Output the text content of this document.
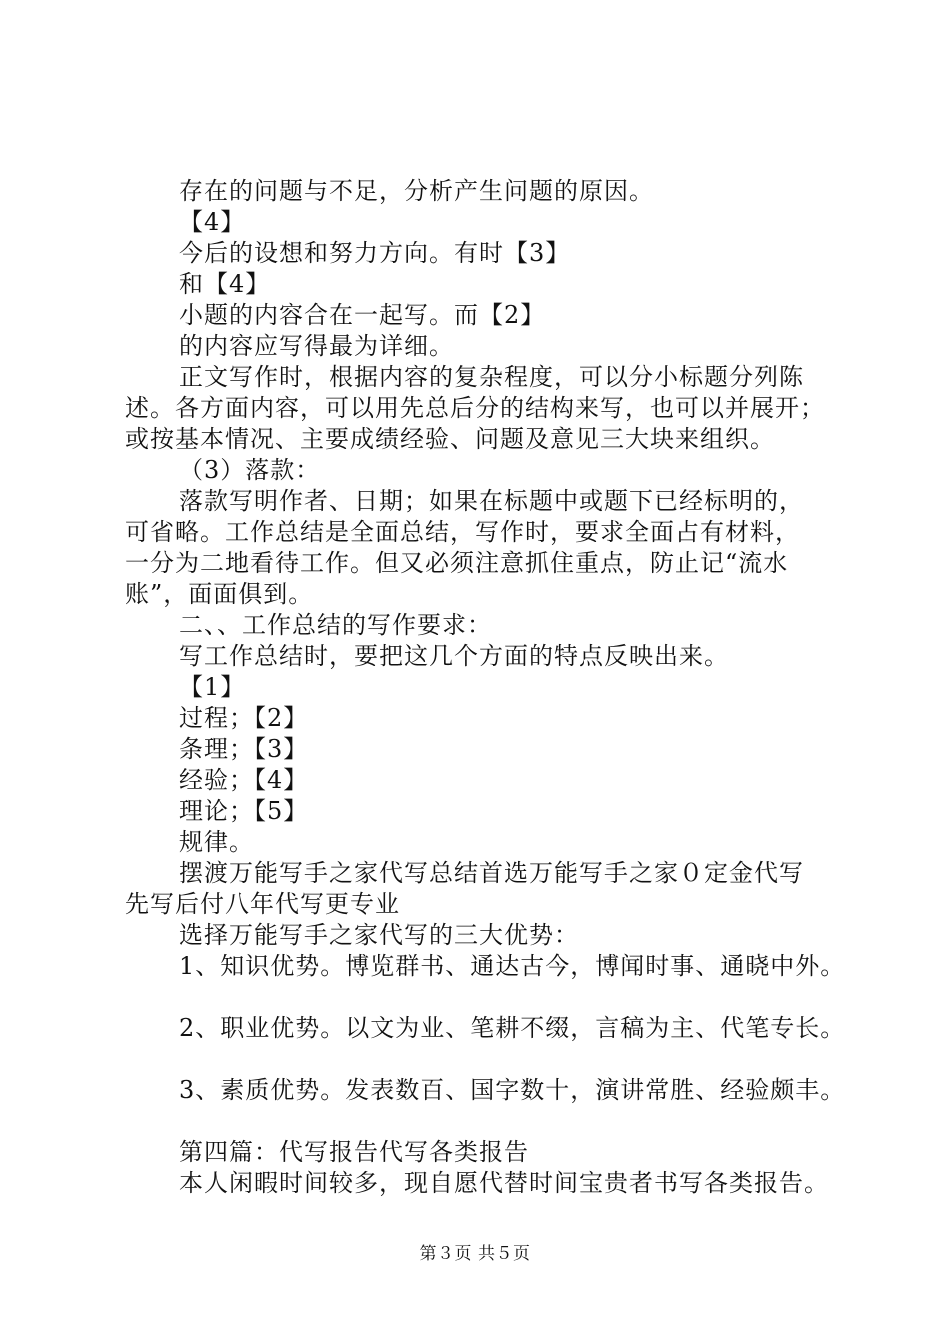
存在的问题与不足，分析产生问题的原因。
【4】
今后的设想和努力方向。有时【3】
和【4】
小题的内容合在一起写。而【2】
的内容应写得最为详细。
正文写作时，根据内容的复杂程度，可以分小标题分列陈
述。各方面内容，可以用先总后分的结构来写，也可以并展开；
或按基本情况、主要成绩经验、问题及意见三大块来组织。
（3）落款：
落款写明作者、日期；如果在标题中或题下已经标明的，
可省略。工作总结是全面总结，写作时，要求全面占有材料，
一分为二地看待工作。但又必须注意抓住重点，防止记“流水
账”，面面俱到。
二、、工作总结的写作要求：
写工作总结时，要把这几个方面的特点反映出来。
【1】
过程；【2】
条理；【3】
经验；【4】
理论；【5】
规律。
摆渡万能写手之家代写总结首选万能写手之家０定金代写
先写后付八年代写更专业
选择万能写手之家代写的三大优势：
1、知识优势。博览群书、通达古今，博闻时事、通晓中外。
2、职业优势。以文为业、笔耕不缀，言稿为主、代笔专长。
3、素质优势。发表数百、国字数十，演讲常胜、经验颇丰。
第四篇：代写报告代写各类报告
本人闲暇时间较多，现自愿代替时间宝贵者书写各类报告。
第３页 共５页
